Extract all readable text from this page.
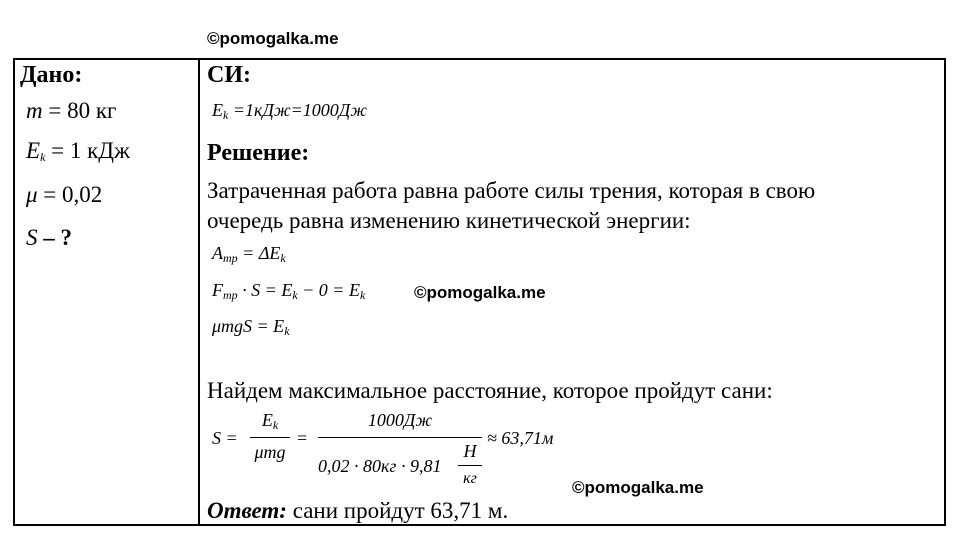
©pomogalka.me
©pomogalka.me
©pomogalka.me
Дано:
m = 80 кг
$E_k = 1$ кДж
μ = 0,02
S – ?
СИ:
$E_k =1кДж=1000Дж$
Решение:
Затраченная работа равна работе силы трения, которая в свою
очередь равна изменению кинетической энергии:
$A_{тр} = \Delta E_k$
$F_{тр} \cdot S = E_k - 0 = E_k$
$\mu mgS = E_k$
Найдем максимальное расстояние, которое пройдут сани:
S =
$E_k$
μmg
=
1000Дж
0,02 · 80кг · 9,81
Н
кг
≈ 63,71м
Ответ: сани пройдут 63,71 м.
